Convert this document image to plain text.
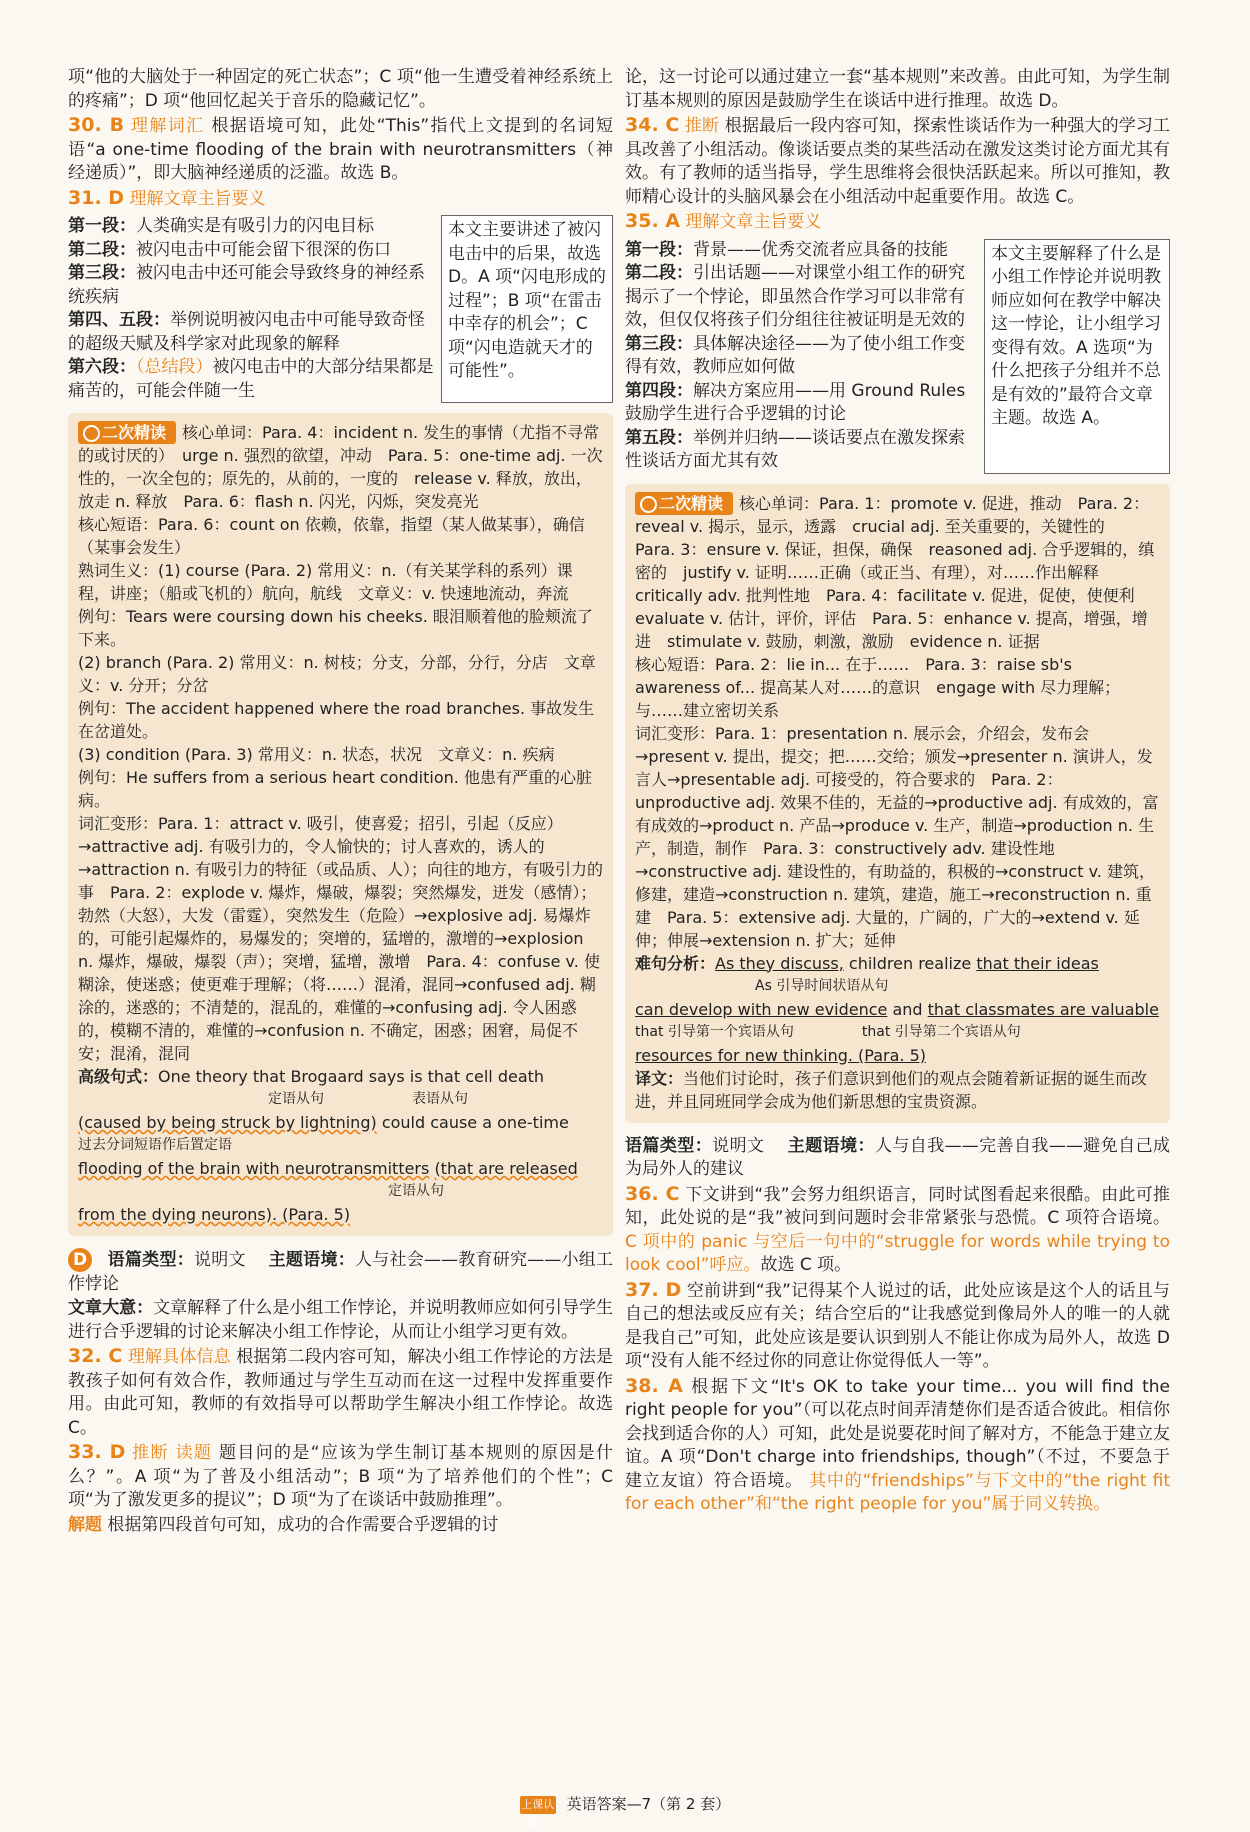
项“他的大脑处于一种固定的死亡状态”；C 项“他一生遭受着神经系统上的疼痛”；D 项“他回忆起关于音乐的隐藏记忆”。

30. B 理解词汇 根据语境可知，此处“This”指代上文提到的名词短语“a one-time flooding of the brain with neurotransmitters（神经递质）”，即大脑神经递质的泛滥。故选 B。

31. D 理解文章主旨要义

第一段：人类确实是有吸引力的闪电目标
第二段：被闪电击中可能会留下很深的伤口
第三段：被闪电击中还可能会导致终身的神经系统疾病
第四、五段：举例说明被闪电击中可能导致奇怪的超级天赋及科学家对此现象的解释
第六段：（总结段）被闪电击中的大部分结果都是痛苦的，可能会伴随一生
本文主要讲述了被闪电击中的后果，故选 D。A 项“闪电形成的过程”；B 项“在雷击中幸存的机会”；C 项“闪电造就天才的可能性”。
二次精读 核心单词：Para. 4：incident n. 发生的事情（尤指不寻常的或讨厌的）　urge n. 强烈的欲望，冲动　Para. 5：one-time adj. 一次性的，一次全包的；原先的，从前的，一度的　release v. 释放，放出，放走 n. 释放　Para. 6：flash n. 闪光，闪烁，突发亮光
核心短语：Para. 6：count on 依赖，依靠，指望（某人做某事），确信（某事会发生）
熟词生义：(1) course (Para. 2) 常用义：n.（有关某学科的系列）课程，讲座；（船或飞机的）航向，航线　文章义：v. 快速地流动，奔流
例句：Tears were coursing down his cheeks. 眼泪顺着他的脸颊流了下来。
(2) branch (Para. 2) 常用义：n. 树枝；分支，分部，分行，分店　文章义：v. 分开；分岔
例句：The accident happened where the road branches. 事故发生在岔道处。
(3) condition (Para. 3) 常用义：n. 状态，状况　文章义：n. 疾病
例句：He suffers from a serious heart condition. 他患有严重的心脏病。
词汇变形：Para. 1：attract v. 吸引，使喜爱；招引，引起（反应）→attractive adj. 有吸引力的，令人愉快的；讨人喜欢的，诱人的→attraction n. 有吸引力的特征（或品质、人）；向往的地方，有吸引力的事　Para. 2：explode v. 爆炸，爆破，爆裂；突然爆发，迸发（感情）；勃然（大怒），大发（雷霆），突然发生（危险）→explosive adj. 易爆炸的，可能引起爆炸的，易爆发的；突增的，猛增的，激增的→explosion n. 爆炸，爆破，爆裂（声）；突增，猛增，激增　Para. 4：confuse v. 使糊涂，使迷惑；使更难于理解；（将……）混淆，混同→confused adj. 糊涂的，迷惑的；不清楚的，混乱的，难懂的→confusing adj. 令人困惑的，模糊不清的，难懂的→confusion n. 不确定，困惑；困窘，局促不安；混淆，混同
高级句式：One theory that Brogaard says is that cell death
定语从句	表语从句
(caused by being struck by lightning) could cause a one-time
过去分词短语作后置定语
flooding of the brain with neurotransmitters (that are released
定语从句
from the dying neurons). (Para. 5)

D 语篇类型：说明文　 主题语境：人与社会——教育研究——小组工作悖论

文章大意：文章解释了什么是小组工作悖论，并说明教师应如何引导学生进行合乎逻辑的讨论来解决小组工作悖论，从而让小组学习更有效。

32. C 理解具体信息 根据第二段内容可知，解决小组工作悖论的方法是教孩子如何有效合作，教师通过与学生互动而在这一过程中发挥重要作用。由此可知，教师的有效指导可以帮助学生解决小组工作悖论。故选 C。

33. D 推断 读题 题目问的是“应该为学生制订基本规则的原因是什么？”。A 项“为了普及小组活动”；B 项“为了培养他们的个性”；C 项“为了激发更多的提议”；D 项“为了在谈话中鼓励推理”。

解题 根据第四段首句可知，成功的合作需要合乎逻辑的讨

论，这一讨论可以通过建立一套“基本规则”来改善。由此可知，为学生制订基本规则的原因是鼓励学生在谈话中进行推理。故选 D。

34. C 推断 根据最后一段内容可知，探索性谈话作为一种强大的学习工具改善了小组活动。像谈话要点类的某些活动在激发这类讨论方面尤其有效。有了教师的适当指导，学生思维将会很快活跃起来。所以可推知，教师精心设计的头脑风暴会在小组活动中起重要作用。故选 C。

35. A 理解文章主旨要义

第一段：背景——优秀交流者应具备的技能
第二段：引出话题——对课堂小组工作的研究揭示了一个悖论，即虽然合作学习可以非常有效，但仅仅将孩子们分组往往被证明是无效的
第三段：具体解决途径——为了使小组工作变得有效，教师应如何做
第四段：解决方案应用——用 Ground Rules 鼓励学生进行合乎逻辑的讨论
第五段：举例并归纳——谈话要点在激发探索性谈话方面尤其有效
本文主要解释了什么是小组工作悖论并说明教师应如何在教学中解决这一悖论，让小组学习变得有效。A 选项“为什么把孩子分组并不总是有效的”最符合文章主题。故选 A。
二次精读 核心单词：Para. 1：promote v. 促进，推动　Para. 2：reveal v. 揭示，显示，透露　crucial adj. 至关重要的，关键性的　Para. 3：ensure v. 保证，担保，确保　reasoned adj. 合乎逻辑的，缜密的　justify v. 证明……正确（或正当、有理），对……作出解释　critically adv. 批判性地　Para. 4：facilitate v. 促进，促使，使便利　evaluate v. 估计，评价，评估　Para. 5：enhance v. 提高，增强，增进　stimulate v. 鼓励，刺激，激励　evidence n. 证据
核心短语：Para. 2：lie in... 在于……　Para. 3：raise sb's awareness of... 提高某人对……的意识　engage with 尽力理解；与……建立密切关系
词汇变形：Para. 1：presentation n. 展示会，介绍会，发布会→present v. 提出，提交；把……交给；颁发→presenter n. 演讲人，发言人→presentable adj. 可接受的，符合要求的　Para. 2：unproductive adj. 效果不佳的，无益的→productive adj. 有成效的，富有成效的→product n. 产品→produce v. 生产，制造→production n. 生产，制造，制作　Para. 3：constructively adv. 建设性地→constructive adj. 建设性的，有助益的，积极的→construct v. 建筑，修建，建造→construction n. 建筑，建造，施工→reconstruction n. 重建　Para. 5：extensive adj. 大量的，广阔的，广大的→extend v. 延伸；伸展→extension n. 扩大；延伸
难句分析：As they discuss, children realize that their ideas
As 引导时间状语从句
can develop with new evidence and that classmates are valuable
that 引导第一个宾语从句	that 引导第二个宾语从句
resources for new thinking. (Para. 5)
译文：当他们讨论时，孩子们意识到他们的观点会随着新证据的诞生而改进，并且同班同学会成为他们新思想的宝贵资源。

语篇类型：说明文　 主题语境：人与自我——完善自我——避免自己成为局外人的建议

36. C 下文讲到“我”会努力组织语言，同时试图看起来很酷。由此可推知，此处说的是“我”被问到问题时会非常紧张与恐慌。C 项符合语境。 C 项中的 panic 与空后一句中的“struggle for words while trying to look cool”呼应。故选 C 项。

37. D 空前讲到“我”记得某个人说过的话，此处应该是这个人的话且与自己的想法或反应有关；结合空后的“让我感觉到像局外人的唯一的人就是我自己”可知，此处应该是要认识到别人不能让你成为局外人，故选 D 项“没有人能不经过你的同意让你觉得低人一等”。

38. A 根据下文“It's OK to take your time... you will find the right people for you”（可以花点时间弄清楚你们是否适合彼此。相信你会找到适合你的人）可知，此处是说要花时间了解对方，不能急于建立友谊。A 项“Don't charge into friendships, though”（不过，不要急于建立友谊）符合语境。 其中的“friendships”与下文中的“the right fit for each other”和“the right people for you”属于同义转换。

上课认真听 英语答案—7（第 2 套）
